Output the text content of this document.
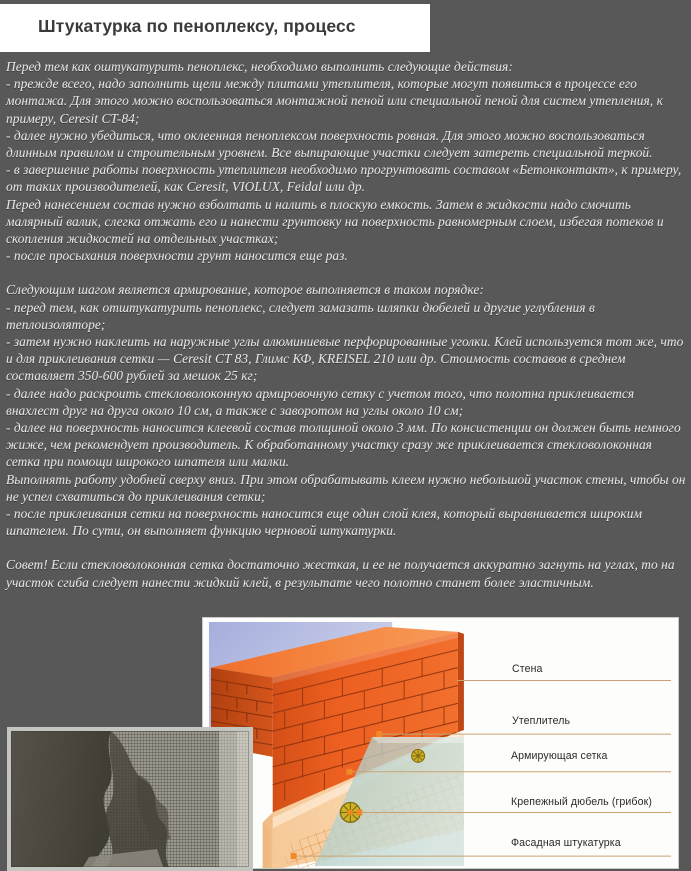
Штукатурка по пеноплексу, процесс

Перед тем как оштукатурить пеноплекс, необходимо выполнить следующие действия:

- прежде всего, надо заполнить щели между плитами утеплителя, которые могут появиться в процессе его монтажа. Для этого можно воспользоваться монтажной пеной или специальной пеной для систем утепления, к примеру, Ceresit CT-84;

- далее нужно убедиться, что оклеенная пеноплексом поверхность ровная. Для этого можно воспользоваться длинным правилом и строительным уровнем. Все выпирающие участки следует затереть специальной теркой.

- в завершение работы поверхность утеплителя необходимо прогрунтовать составом «Бетонконтакт», к примеру, от таких производителей, как Ceresit, VIOLUX, Feidal или др.

Перед нанесением состав нужно взболтать и налить в плоскую емкость. Затем в жидкости надо смочить малярный валик, слегка отжать его и нанести грунтовку на поверхность равномерным слоем, избегая потеков и скопления жидкостей на отдельных участках;

- после просыхания поверхности грунт наносится еще раз.

Следующим шагом является армирование, которое выполняется в таком порядке:

- перед тем, как отштукатурить пеноплекс, следует замазать шляпки дюбелей и другие углубления в теплоизоляторе;

- затем нужно наклеить на наружные углы алюминиевые перфорированные уголки. Клей используется тот же, что и для приклеивания сетки — Ceresit CT 83, Глимс КФ, KREISEL 210 или др. Стоимость составов в среднем составляет 350-600 рублей за мешок 25 кг;

- далее надо раскроить стекловолоконную армировочную сетку с учетом того, что полотна приклеивается внахлест друг на друга около 10 см, а также с заворотом на углы около 10 см;

- далее на поверхность наносится клеевой состав толщиной около 3 мм. По консистенции он должен быть немного жиже, чем рекомендует производитель. К обработанному участку сразу же приклеивается стекловолоконная сетка при помощи широкого шпателя или малки.

Выполнять работу удобней сверху вниз. При этом обрабатывать клеем нужно небольшой участок стены, чтобы он не успел схватиться до приклеивания сетки;

- после приклеивания сетки на поверхность наносится еще один слой клея, который выравнивается широким шпателем. По сути, он выполняет функцию черновой штукатурки.

Совет! Если стекловолоконная сетка достаточно жесткая, и ее не получается аккуратно загнуть на углах, то на участок сгиба следует нанести жидкий клей, в результате чего полотно станет более эластичным.

Стена
Утеплитель
Армирующая сетка
Крепежный дюбель (грибок)
Фасадная штукатурка
